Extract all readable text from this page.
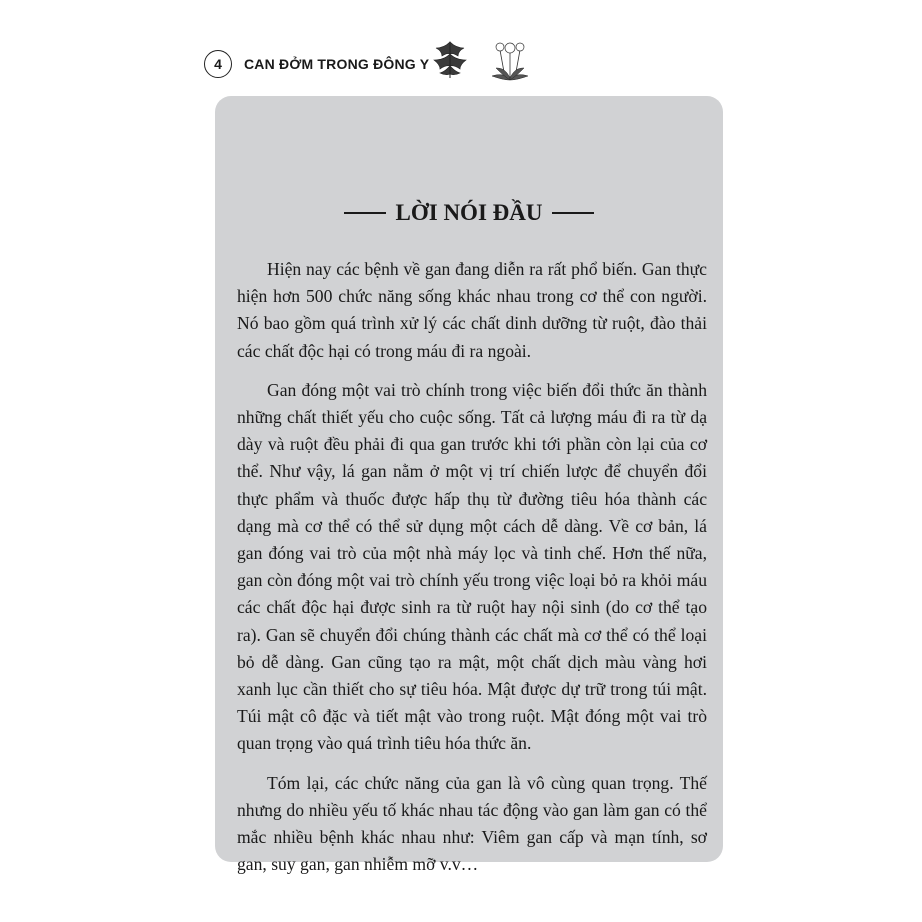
4	CAN ĐỞM TRONG ĐÔNG Y
LỜI NÓI ĐẦU

Hiện nay các bệnh về gan đang diễn ra rất phổ biến. Gan thực hiện hơn 500 chức năng sống khác nhau trong cơ thể con người. Nó bao gồm quá trình xử lý các chất dinh dưỡng từ ruột, đào thải các chất độc hại có trong máu đi ra ngoài.

Gan đóng một vai trò chính trong việc biến đổi thức ăn thành những chất thiết yếu cho cuộc sống. Tất cả lượng máu đi ra từ dạ dày và ruột đều phải đi qua gan trước khi tới phần còn lại của cơ thể. Như vậy, lá gan nằm ở một vị trí chiến lược để chuyển đổi thực phẩm và thuốc được hấp thụ từ đường tiêu hóa thành các dạng mà cơ thể có thể sử dụng một cách dễ dàng. Về cơ bản, lá gan đóng vai trò của một nhà máy lọc và tinh chế. Hơn thế nữa, gan còn đóng một vai trò chính yếu trong việc loại bỏ ra khỏi máu các chất độc hại được sinh ra từ ruột hay nội sinh (do cơ thể tạo ra). Gan sẽ chuyển đổi chúng thành các chất mà cơ thể có thể loại bỏ dễ dàng. Gan cũng tạo ra mật, một chất dịch màu vàng hơi xanh lục cần thiết cho sự tiêu hóa. Mật được dự trữ trong túi mật. Túi mật cô đặc và tiết mật vào trong ruột. Mật đóng một vai trò quan trọng vào quá trình tiêu hóa thức ăn.

Tóm lại, các chức năng của gan là vô cùng quan trọng. Thế nhưng do nhiều yếu tố khác nhau tác động vào gan làm gan có thể mắc nhiều bệnh khác nhau như: Viêm gan cấp và mạn tính, sơ gan, suy gan, gan nhiễm mỡ v.v…
